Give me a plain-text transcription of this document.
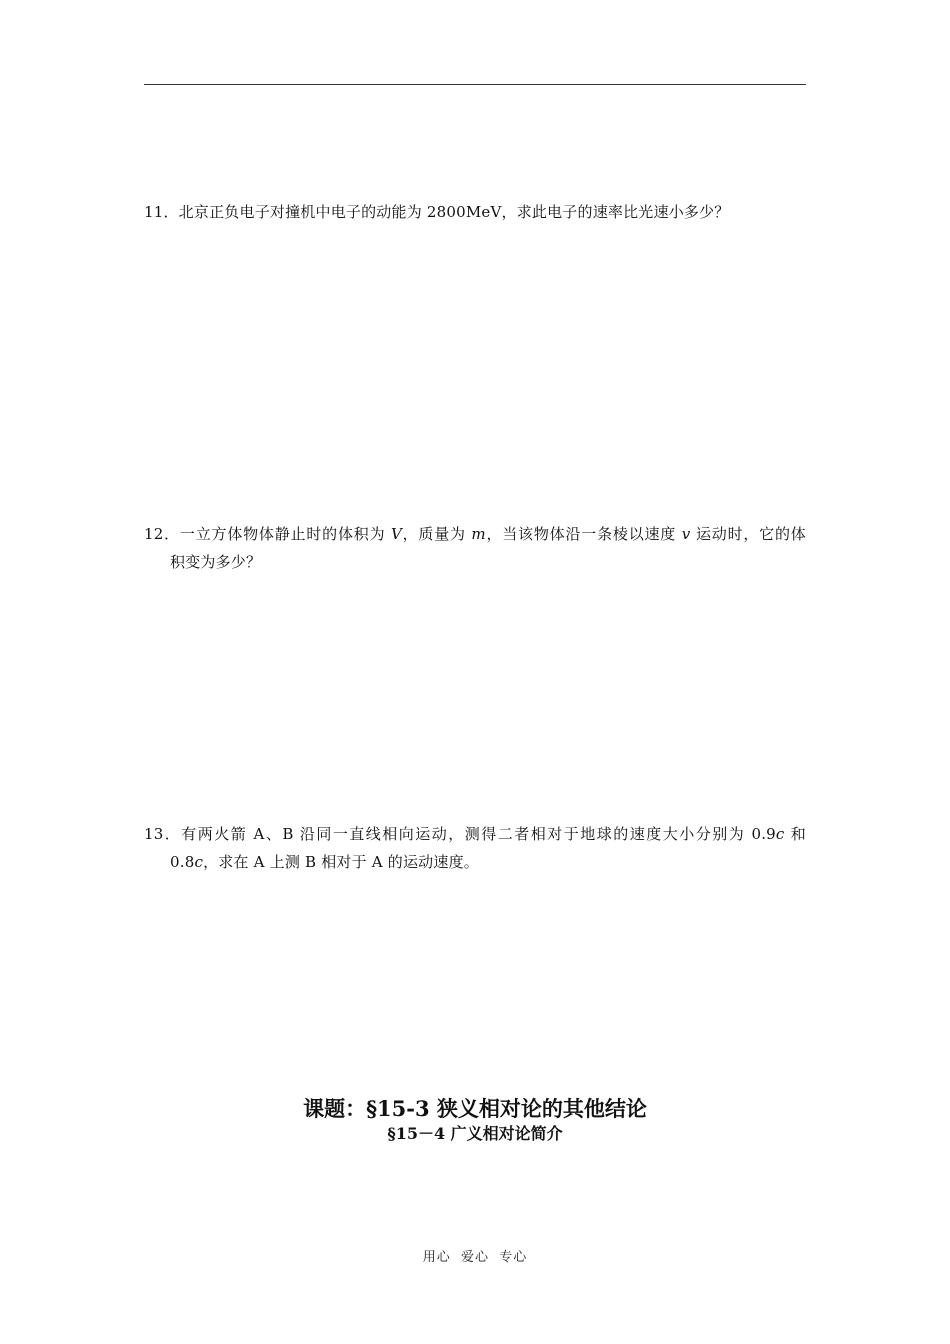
11．北京正负电子对撞机中电子的动能为 2800MeV，求此电子的速率比光速小多少？
12．一立方体物体静止时的体积为 V，质量为 m，当该物体沿一条棱以速度 v 运动时，它的体
积变为多少？
13．有两火箭 A、B 沿同一直线相向运动，测得二者相对于地球的速度大小分别为 0.9c 和
0.8c，求在 A 上测 B 相对于 A 的运动速度。
课题：§15-3 狭义相对论的其他结论
§15－4 广义相对论简介
用心  爱心  专心
